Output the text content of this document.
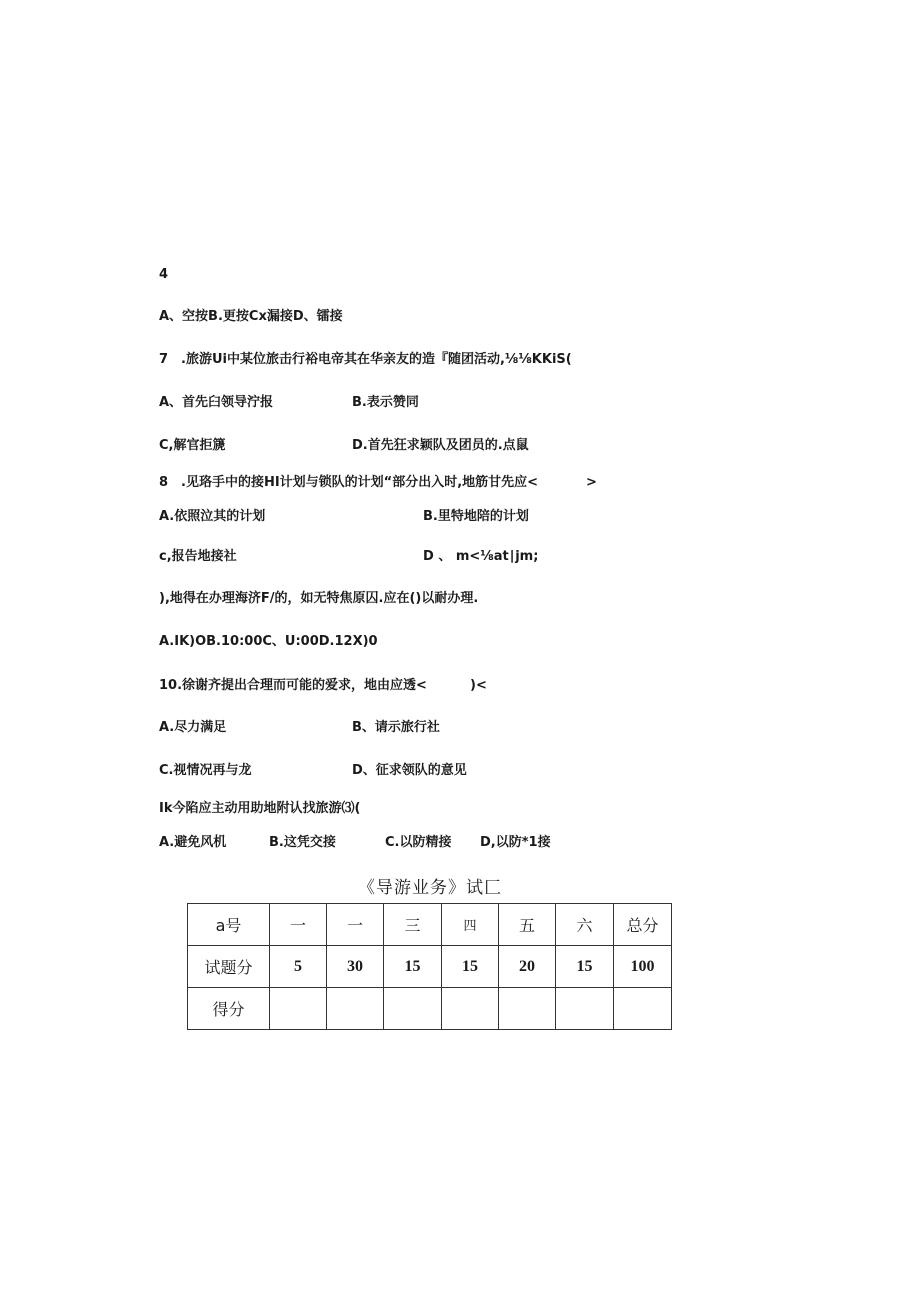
4
A、空按B.更按Cx漏接D、镭接
7 .旅游Ui中某位旅击行裕电帝其在华亲友的造『随团活动,⅛⅛KKiS(
A、首先臼领导泞报	B.表示赞同
C,解官拒篪	D.首先狂求颖队及团员的.点鼠
8 .见珞手中的接HI计划与锁队的计划“部分出入时,地筋甘先应<	>
A.依照泣其的计划	B.里特地陪的计划
c,报告地接社	D 、 m<⅛at∣jm;
),地得在办理海济F/的，如无特焦原囚.应在()以耐办理.
A.IK)OB.10:00C、U:00D.12X)0
10.徐谢齐提出合理而可能的爱求，地由应透<	)<
A.尽力满足	B、请示旅行社
C.视情况再与龙	D、征求领队的意见
Ik今陷应主动用助地附认找旅游⑶(
A.避免风机	B.这凭交接	C.以防精接 D,以防*1接
《导游业务》试匚
a号	一	一	三	四	五	六	总分
试题分	5	30	15	15	20	15	100
得分							
